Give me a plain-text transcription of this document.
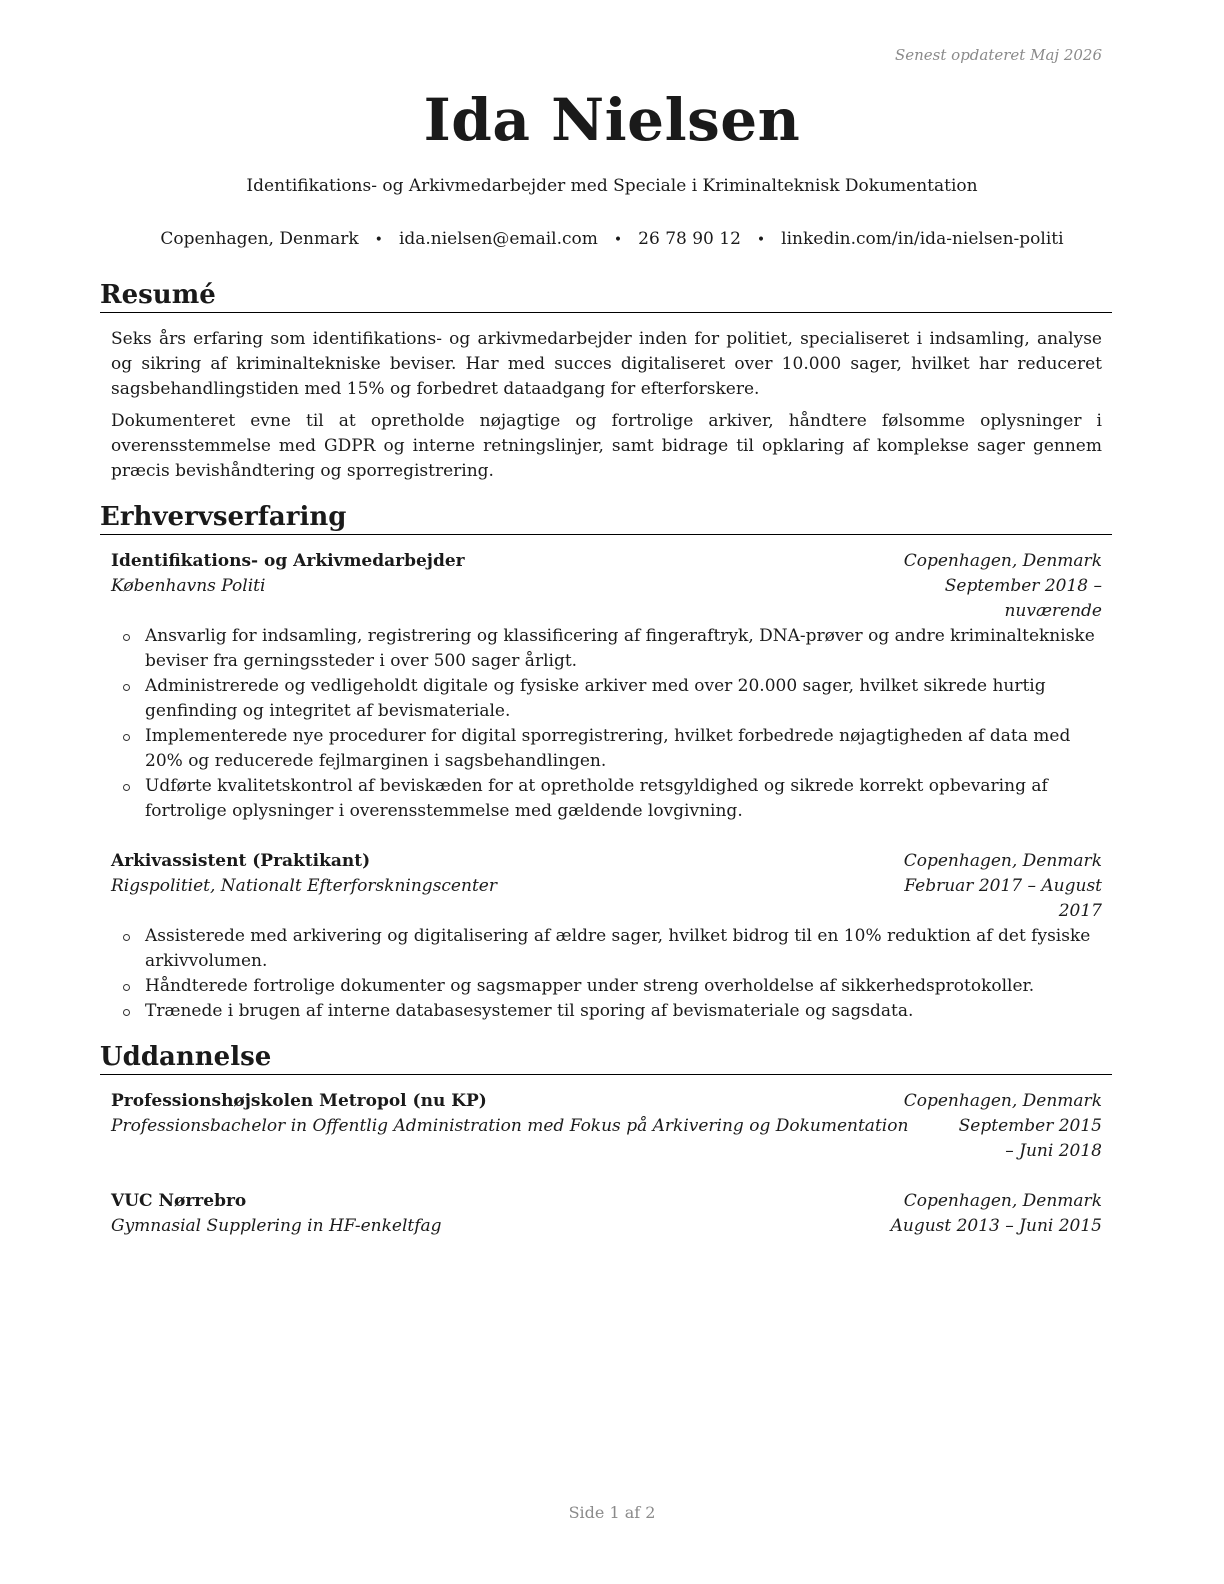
Senest opdateret Maj 2026
Ida Nielsen
Identifikations- og Arkivmedarbejder med Speciale i Kriminalteknisk Dokumentation
Copenhagen, Denmark • ida.nielsen@email.com • 26 78 90 12 • linkedin.com/in/ida-nielsen-politi
Resumé

Seks års erfaring som identifikations- og arkivmedarbejder inden for politiet, specialiseret i indsamling, analyse og sikring af kriminaltekniske beviser. Har med succes digitaliseret over 10.000 sager, hvilket har reduceret sagsbehandlingstiden med 15% og forbedret dataadgang for efterforskere.

Dokumenteret evne til at opretholde nøjagtige og fortrolige arkiver, håndtere følsomme oplysninger i overensstemmelse med GDPR og interne retningslinjer, samt bidrage til opklaring af komplekse sager gennem præcis bevishåndtering og sporregistrering.

Erhvervserfaring
Identifikations- og Arkivmedarbejder	Copenhagen, Denmark
Københavns Politi	September 2018 – nuværende
Ansvarlig for indsamling, registrering og klassificering af fingeraftryk, DNA-prøver og andre kriminaltekniske beviser fra gerningssteder i over 500 sager årligt.
Administrerede og vedligeholdt digitale og fysiske arkiver med over 20.000 sager, hvilket sikrede hurtig genfinding og integritet af bevismateriale.
Implementerede nye procedurer for digital sporregistrering, hvilket forbedrede nøjagtigheden af data med 20% og reducerede fejlmarginen i sagsbehandlingen.
Udførte kvalitetskontrol af beviskæden for at opretholde retsgyldighed og sikrede korrekt opbevaring af fortrolige oplysninger i overensstemmelse med gældende lovgivning.
Arkivassistent (Praktikant)	Copenhagen, Denmark
Rigspolitiet, Nationalt Efterforskningscenter	Februar 2017 – August 2017
Assisterede med arkivering og digitalisering af ældre sager, hvilket bidrog til en 10% reduktion af det fysiske arkivvolumen.
Håndterede fortrolige dokumenter og sagsmapper under streng overholdelse af sikkerhedsprotokoller.
Trænede i brugen af interne databasesystemer til sporing af bevismateriale og sagsdata.
Uddannelse
Professionshøjskolen Metropol (nu KP)	Copenhagen, Denmark
Professionsbachelor in Offentlig Administration med Fokus på Arkivering og Dokumentation	September 2015 – Juni 2018
VUC Nørrebro	Copenhagen, Denmark
Gymnasial Supplering in HF-enkeltfag	August 2013 – Juni 2015
Side 1 af 2
